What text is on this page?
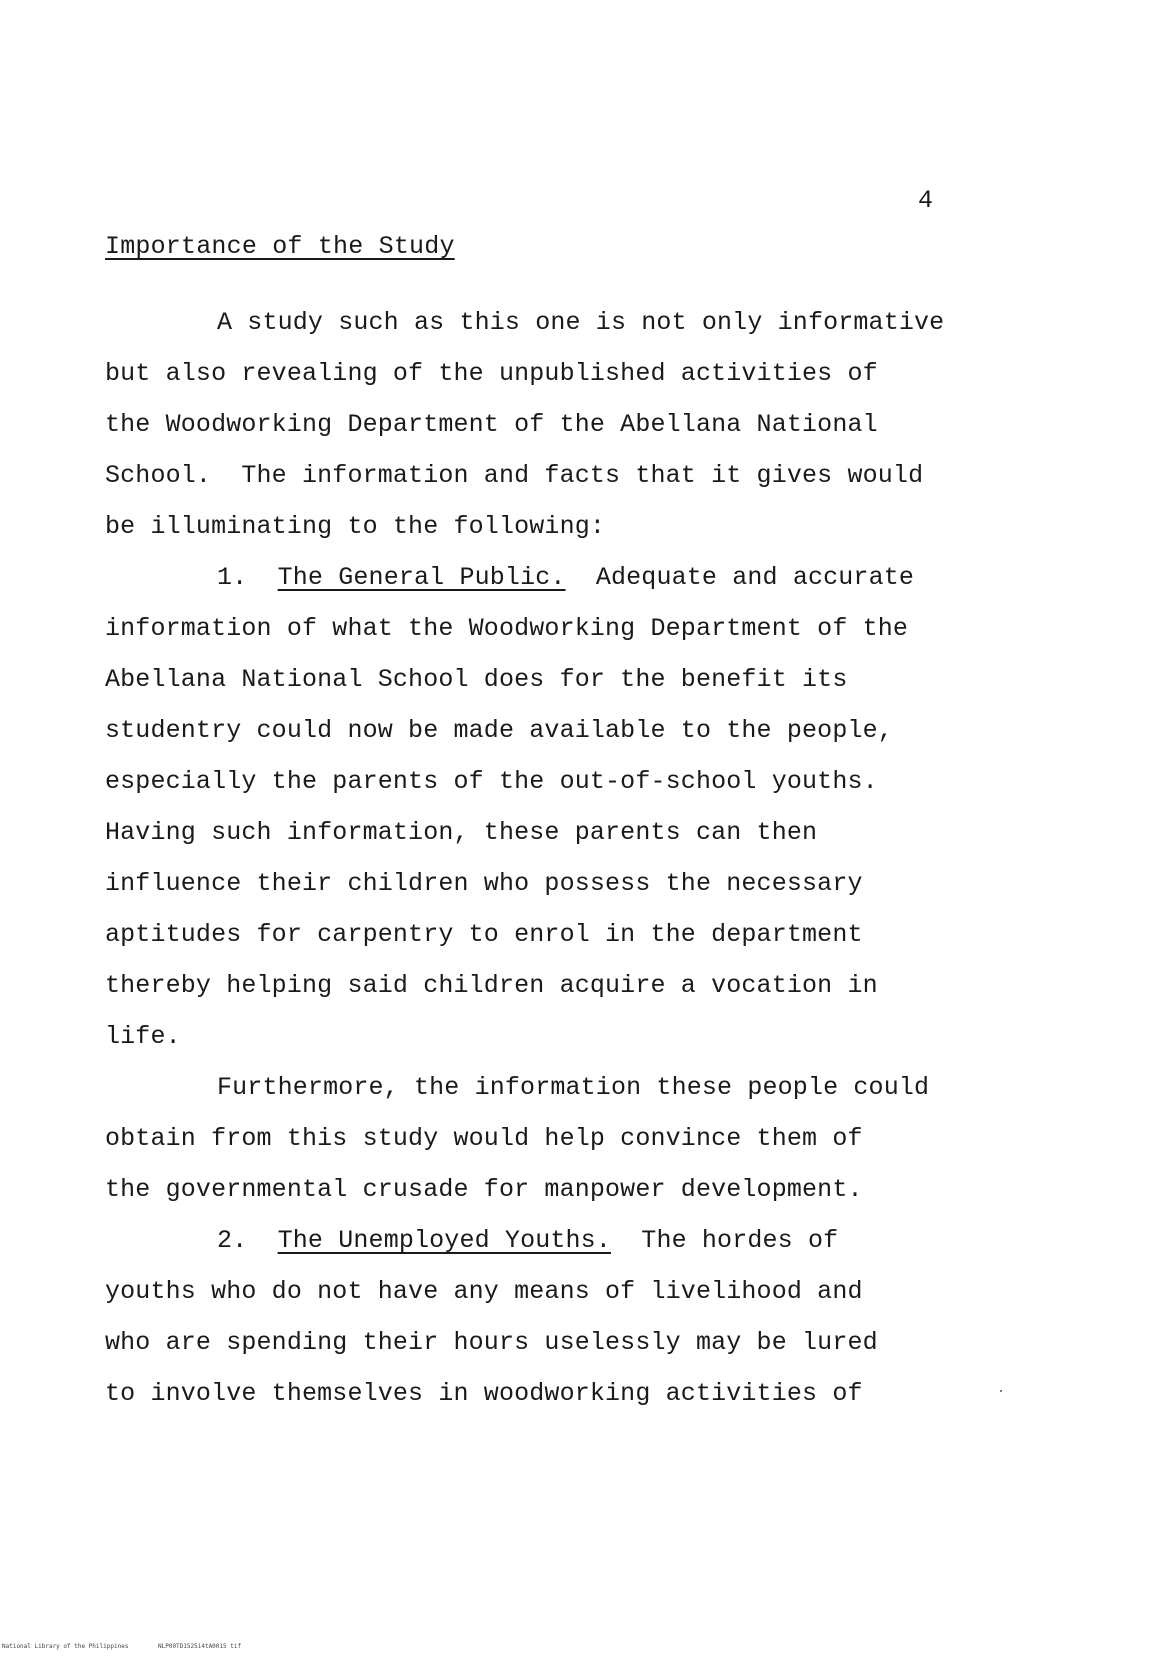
4
Importance of the Study
A study such as this one is not only informative
but also revealing of the unpublished activities of
the Woodworking Department of the Abellana National
School.  The information and facts that it gives would
be illuminating to the following:
1. The General Public.  Adequate and accurate
information of what the Woodworking Department of the
Abellana National School does for the benefit its
studentry could now be made available to the people,
especially the parents of the out-of-school youths.
Having such information, these parents can then
influence their children who possess the necessary
aptitudes for carpentry to enrol in the department
thereby helping said children acquire a vocation in
life.
Furthermore, the information these people could
obtain from this study would help convince them of
the governmental crusade for manpower development.
2. The Unemployed Youths.  The hordes of
youths who do not have any means of livelihood and
who are spending their hours uselessly may be lured
to involve themselves in woodworking activities of
National Library of the Philippines	NLP00TD1525i4tA0015 tif
